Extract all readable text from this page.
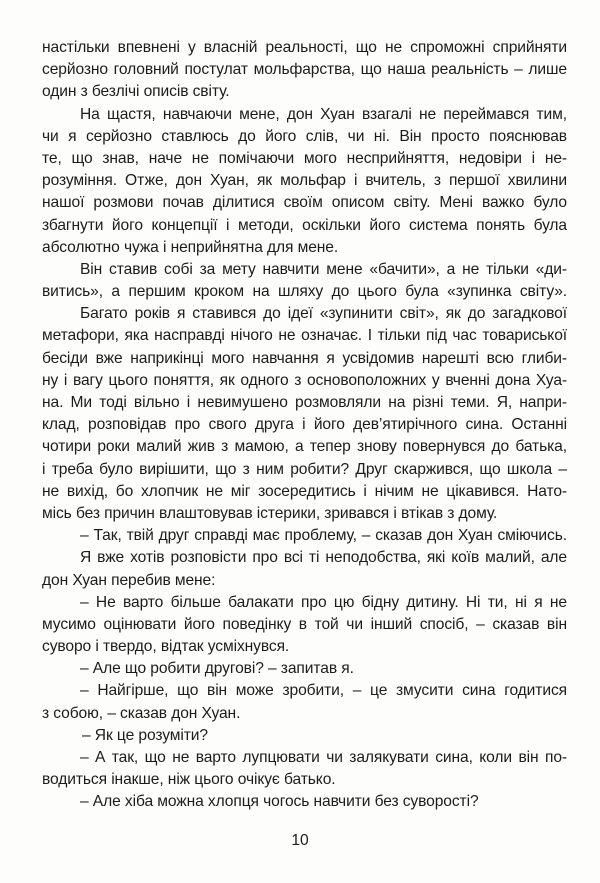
настільки впевнені у власній реальності, що не спроможні сприйняти
серйозно головний постулат мольфарства, що наша реальність – лише
один з безлічі описів світу.
На щастя, навчаючи мене, дон Хуан взагалі не переймався тим,
чи я серйозно ставлюсь до його слів, чи ні. Він просто пояснював
те, що знав, наче не помічаючи мого несприйняття, недовіри і не-
розуміння. Отже, дон Хуан, як мольфар і вчитель, з першої хвилини
нашої розмови почав ділитися своїм описом світу. Мені важко було
збагнути його концепції і методи, оскільки його система понять була
абсолютно чужа і неприйнятна для мене.
Він ставив собі за мету навчити мене «бачити», а не тільки «ди-
витись», а першим кроком на шляху до цього була «зупинка світу».
Багато років я ставився до ідеї «зупинити світ», як до загадкової
метафори, яка насправді нічого не означає. І тільки під час товариської
бесіди вже наприкінці мого навчання я усвідомив нарешті всю глиби-
ну і вагу цього поняття, як одного з основоположних у вченні дона Хуа-
на. Ми тоді вільно і невимушено розмовляли на різні теми. Я, напри-
клад, розповідав про свого друга і його дев’ятирічного сина. Останні
чотири роки малий жив з мамою, а тепер знову повернувся до батька,
і треба було вирішити, що з ним робити? Друг скаржився, що школа –
не вихід, бо хлопчик не міг зосередитись і нічим не цікавився. Нато-
місь без причин влаштовував істерики, зривався і втікав з дому.
– Так, твій друг справді має проблему, – сказав дон Хуан сміючись.
Я вже хотів розповісти про всі ті неподобства, які коїв малий, але
дон Хуан перебив мене:
– Не варто більше балакати про цю бідну дитину. Ні ти, ні я не
мусимо оцінювати його поведінку в той чи інший спосіб, – сказав він
суворо і твердо, відтак усміхнувся.
– Але що робити другові? – запитав я.
– Найгірше, що він може зробити, – це змусити сина годитися
з собою, – сказав дон Хуан.
– Як це розуміти?
– А так, що не варто лупцювати чи залякувати сина, коли він по-
водиться інакше, ніж цього очікує батько.
– Але хіба можна хлопця чогось навчити без суворості?
10
